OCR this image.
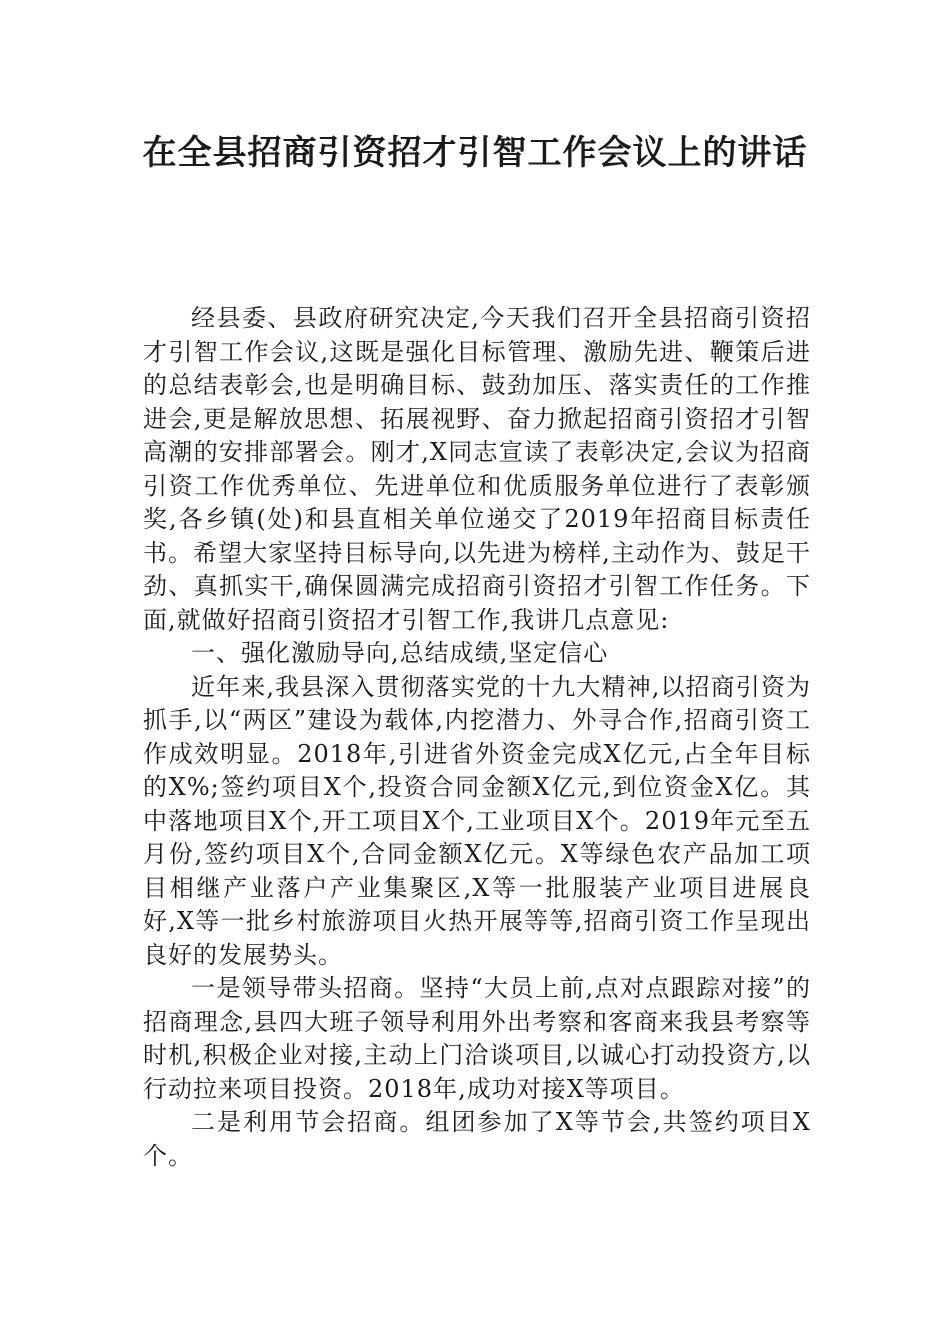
在全县招商引资招才引智工作会议上的讲话

经县委、县政府研究决定,今天我们召开全县招商引资招才引智工作会议,这既是强化目标管理、激励先进、鞭策后进的总结表彰会,也是明确目标、鼓劲加压、落实责任的工作推进会,更是解放思想、拓展视野、奋力掀起招商引资招才引智高潮的安排部署会。刚才,X同志宣读了表彰决定,会议为招商引资工作优秀单位、先进单位和优质服务单位进行了表彰颁奖,各乡镇(处)和县直相关单位递交了2019年招商目标责任书。希望大家坚持目标导向,以先进为榜样,主动作为、鼓足干劲、真抓实干,确保圆满完成招商引资招才引智工作任务。下面,就做好招商引资招才引智工作,我讲几点意见:

一、强化激励导向,总结成绩,坚定信心

近年来,我县深入贯彻落实党的十九大精神,以招商引资为抓手,以“两区”建设为载体,内挖潜力、外寻合作,招商引资工作成效明显。2018年,引进省外资金完成X亿元,占全年目标的X%;签约项目X个,投资合同金额X亿元,到位资金X亿。其中落地项目X个,开工项目X个,工业项目X个。2019年元至五月份,签约项目X个,合同金额X亿元。X等绿色农产品加工项目相继产业落户产业集聚区,X等一批服装产业项目进展良好,X等一批乡村旅游项目火热开展等等,招商引资工作呈现出良好的发展势头。

一是领导带头招商。坚持“大员上前,点对点跟踪对接”的招商理念,县四大班子领导利用外出考察和客商来我县考察等时机,积极企业对接,主动上门洽谈项目,以诚心打动投资方,以行动拉来项目投资。2018年,成功对接X等项目。

二是利用节会招商。组团参加了X等节会,共签约项目X个。
